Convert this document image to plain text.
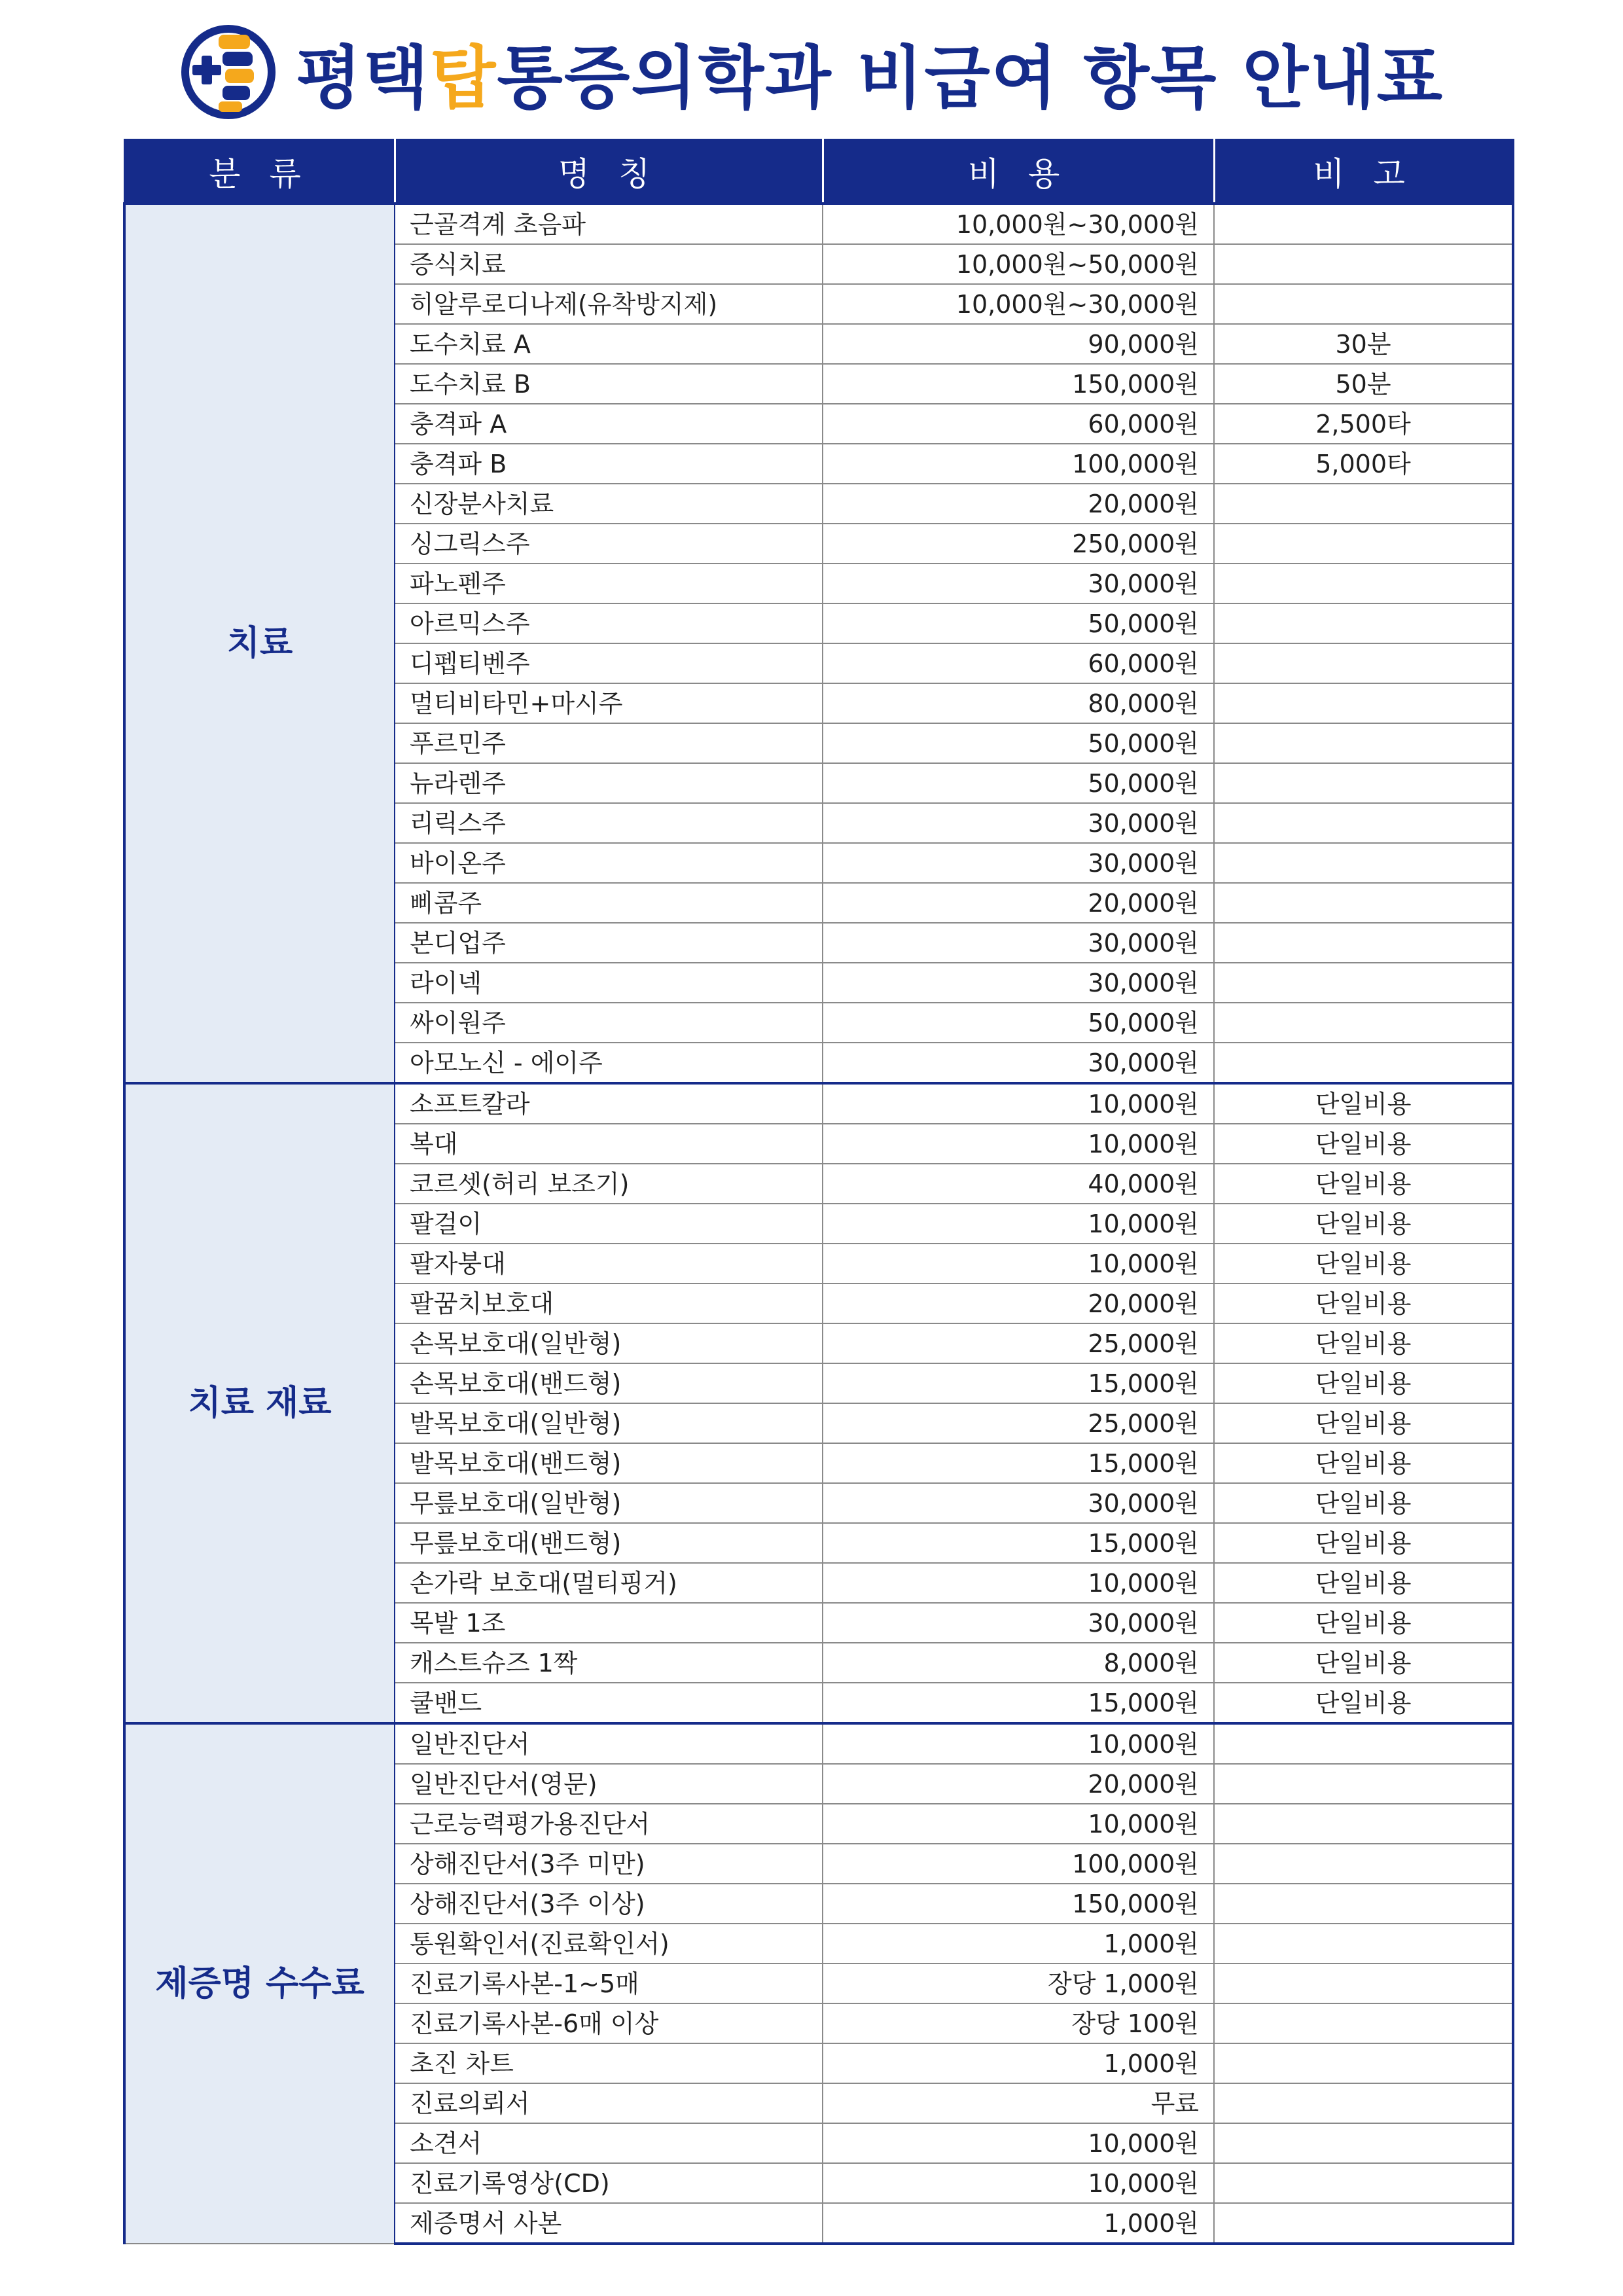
평택탑통증의학과 비급여 항목 안내표
분 류	명 칭	비 용	비 고
치료	근골격계 초음파	10,000원~30,000원	
	증식치료	10,000원~50,000원	
	히알루로디나제(유착방지제)	10,000원~30,000원	
	도수치료 A	90,000원	30분
	도수치료 B	150,000원	50분
	충격파 A	60,000원	2,500타
	충격파 B	100,000원	5,000타
	신장분사치료	20,000원	
	싱그릭스주	250,000원	
	파노펜주	30,000원	
	아르믹스주	50,000원	
	디펩티벤주	60,000원	
	멀티비타민+마시주	80,000원	
	푸르민주	50,000원	
	뉴라렌주	50,000원	
	리릭스주	30,000원	
	바이온주	30,000원	
	삐콤주	20,000원	
	본디업주	30,000원	
	라이넥	30,000원	
	싸이원주	50,000원	
	아모노신 - 에이주	30,000원	
치료 재료	소프트칼라	10,000원	단일비용
	복대	10,000원	단일비용
	코르셋(허리 보조기)	40,000원	단일비용
	팔걸이	10,000원	단일비용
	팔자붕대	10,000원	단일비용
	팔꿈치보호대	20,000원	단일비용
	손목보호대(일반형)	25,000원	단일비용
	손목보호대(밴드형)	15,000원	단일비용
	발목보호대(일반형)	25,000원	단일비용
	발목보호대(밴드형)	15,000원	단일비용
	무릎보호대(일반형)	30,000원	단일비용
	무릎보호대(밴드형)	15,000원	단일비용
	손가락 보호대(멀티핑거)	10,000원	단일비용
	목발 1조	30,000원	단일비용
	캐스트슈즈 1짝	8,000원	단일비용
	쿨밴드	15,000원	단일비용
제증명 수수료	일반진단서	10,000원	
	일반진단서(영문)	20,000원	
	근로능력평가용진단서	10,000원	
	상해진단서(3주 미만)	100,000원	
	상해진단서(3주 이상)	150,000원	
	통원확인서(진료확인서)	1,000원	
	진료기록사본-1~5매	장당 1,000원	
	진료기록사본-6매 이상	장당 100원	
	초진 차트	1,000원	
	진료의뢰서	무료	
	소견서	10,000원	
	진료기록영상(CD)	10,000원	
	제증명서 사본	1,000원	
